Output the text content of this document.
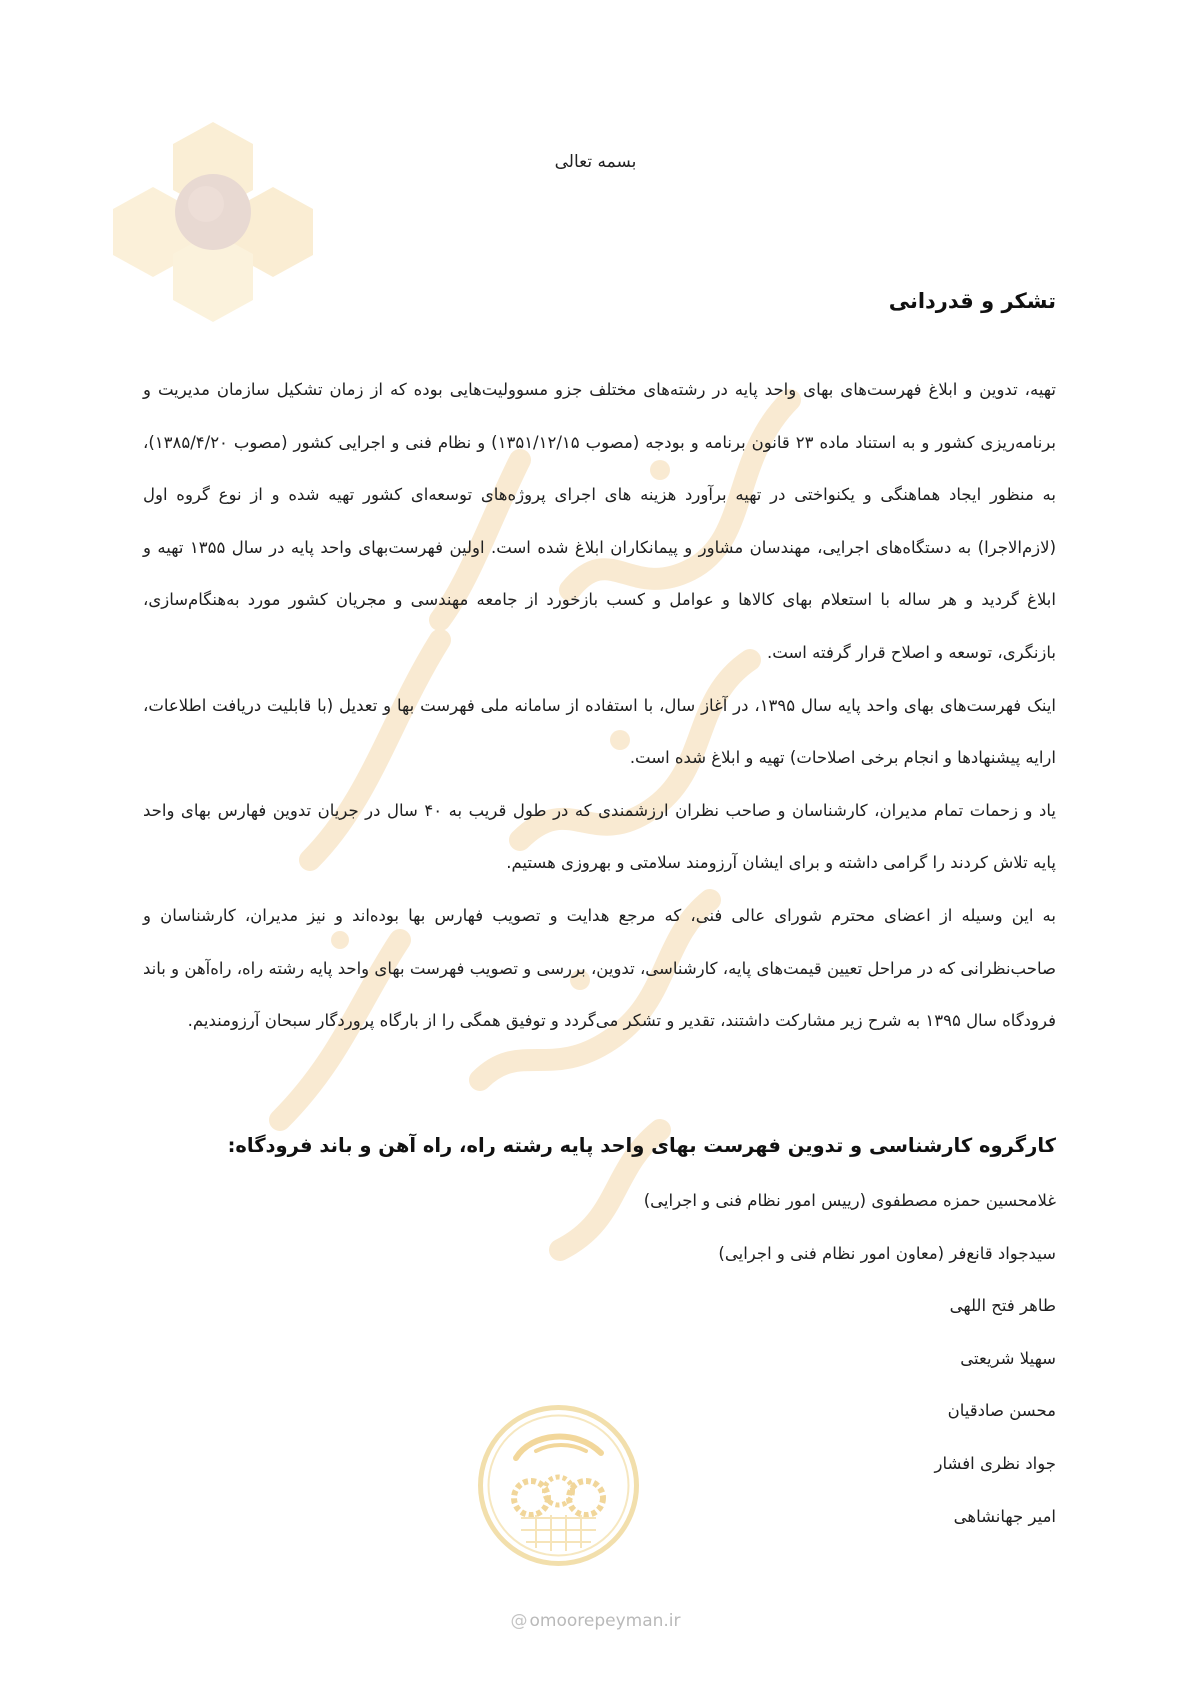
@ omoorepeyman.ir
بسمه تعالی
تشکر و قدردانی

تهیه، تدوین و ابلاغ فهرست‌های بهای واحد پایه در رشته‌های مختلف جزو مسوولیت‌هایی بوده که از زمان تشکیل سازمان مدیریت و برنامه‌ریزی کشور و به استناد ماده ۲۳ قانون برنامه و بودجه (مصوب ۱۳۵۱/۱۲/۱۵) و نظام فنی و اجرایی کشور (مصوب ۱۳۸۵/۴/۲۰)، به منظور ایجاد هماهنگی و یکنواختی در تهیه برآورد هزینه های اجرای پروژه‌های توسعه‌ای کشور تهیه شده و از نوع گروه اول (لازم‌الاجرا) به دستگاه‌های اجرایی، مهندسان مشاور و پیمانکاران ابلاغ شده است. اولین فهرست‌بهای واحد پایه در سال ۱۳۵۵ تهیه و ابلاغ گردید و هر ساله با استعلام بهای کالاها و عوامل و کسب بازخورد از جامعه مهندسی و مجریان کشور مورد به‌هنگام‌سازی، بازنگری، توسعه و اصلاح قرار گرفته است.

اینک فهرست‌های بهای واحد پایه سال ۱۳۹۵، در آغاز سال، با استفاده از سامانه ملی فهرست بها و تعدیل (با قابلیت دریافت اطلاعات، ارایه پیشنهادها و انجام برخی اصلاحات) تهیه و ابلاغ شده است.

یاد و زحمات تمام مدیران، کارشناسان و صاحب نظران ارزشمندی که در طول قریب به ۴۰ سال در جریان تدوین فهارس بهای واحد پایه تلاش کردند را گرامی داشته و برای ایشان آرزومند سلامتی و بهروزی هستیم.

به این وسیله از اعضای محترم شورای عالی فنی، که مرجع هدایت و تصویب فهارس بها بوده‌اند و نیز مدیران، کارشناسان و صاحب‌نظرانی که در مراحل تعیین قیمت‌های پایه، کارشناسی، تدوین، بررسی و تصویب فهرست بهای واحد پایه رشته راه، راه‌آهن و باند فرودگاه سال ۱۳۹۵ به شرح زیر مشارکت داشتند، تقدیر و تشکر می‌گردد و توفیق همگی را از بارگاه پروردگار سبحان آرزومندیم.

کارگروه کارشناسی و تدوین فهرست بهای واحد پایه رشته راه، راه آهن و باند فرودگاه:
غلامحسین حمزه مصطفوی (رییس امور نظام فنی و اجرایی)
سیدجواد قانع‌فر (معاون امور نظام فنی و اجرایی)
طاهر فتح اللهی
سهیلا شریعتی
محسن صادقیان
جواد نظری افشار
امیر جهانشاهی
